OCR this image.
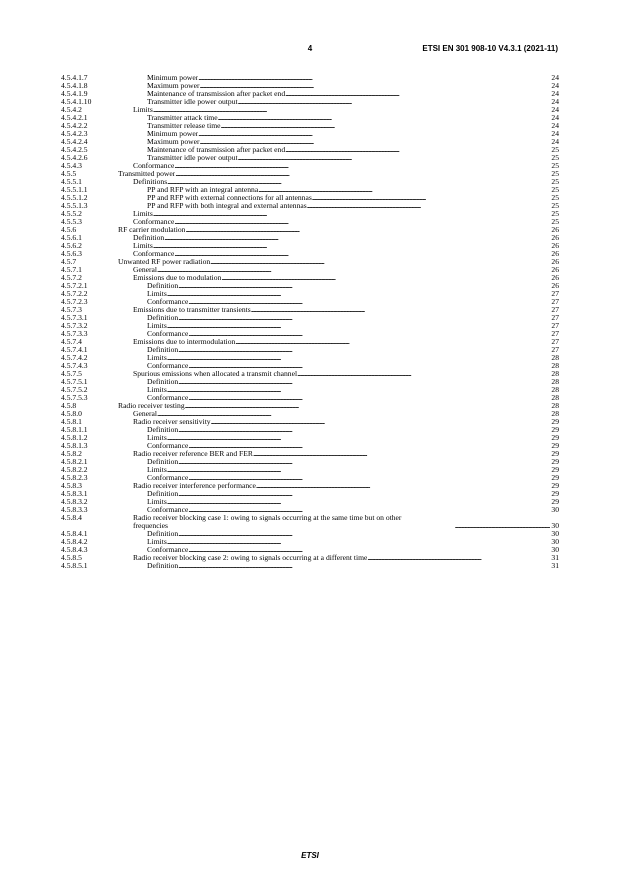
4	ETSI EN 301 908-10 V4.3.1 (2021-11)
4.5.4.1.7	Minimum power . . .	24
4.5.4.1.8	Maximum power . . .	24
4.5.4.1.9	Maintenance of transmission after packet end . . .	24
4.5.4.1.10	Transmitter idle power output . . .	24
4.5.4.2	Limits . . .	24
4.5.4.2.1	Transmitter attack time . . .	24
4.5.4.2.2	Transmitter release time . . .	24
4.5.4.2.3	Minimum power . . .	24
4.5.4.2.4	Maximum power . . .	24
4.5.4.2.5	Maintenance of transmission after packet end . . .	25
4.5.4.2.6	Transmitter idle power output . . .	25
4.5.4.3	Conformance . . .	25
4.5.5	Transmitted power . . .	25
4.5.5.1	Definitions . . .	25
4.5.5.1.1	PP and RFP with an integral antenna . . .	25
4.5.5.1.2	PP and RFP with external connections for all antennas . . .	25
4.5.5.1.3	PP and RFP with both integral and external antennas . . .	25
4.5.5.2	Limits . . .	25
4.5.5.3	Conformance . . .	25
4.5.6	RF carrier modulation . . .	26
4.5.6.1	Definition . . .	26
4.5.6.2	Limits . . .	26
4.5.6.3	Conformance . . .	26
4.5.7	Unwanted RF power radiation . . .	26
4.5.7.1	General . . .	26
4.5.7.2	Emissions due to modulation . . .	26
4.5.7.2.1	Definition . . .	26
4.5.7.2.2	Limits . . .	27
4.5.7.2.3	Conformance . . .	27
4.5.7.3	Emissions due to transmitter transients . . .	27
4.5.7.3.1	Definition . . .	27
4.5.7.3.2	Limits . . .	27
4.5.7.3.3	Conformance . . .	27
4.5.7.4	Emissions due to intermodulation . . .	27
4.5.7.4.1	Definition . . .	27
4.5.7.4.2	Limits . . .	28
4.5.7.4.3	Conformance . . .	28
4.5.7.5	Spurious emissions when allocated a transmit channel . . .	28
4.5.7.5.1	Definition . . .	28
4.5.7.5.2	Limits . . .	28
4.5.7.5.3	Conformance . . .	28
4.5.8	Radio receiver testing . . .	28
4.5.8.0	General . . .	28
4.5.8.1	Radio receiver sensitivity . . .	29
4.5.8.1.1	Definition . . .	29
4.5.8.1.2	Limits . . .	29
4.5.8.1.3	Conformance . . .	29
4.5.8.2	Radio receiver reference BER and FER . . .	29
4.5.8.2.1	Definition . . .	29
4.5.8.2.2	Limits . . .	29
4.5.8.2.3	Conformance . . .	29
4.5.8.3	Radio receiver interference performance . . .	29
4.5.8.3.1	Definition . . .	29
4.5.8.3.2	Limits . . .	29
4.5.8.3.3	Conformance . . .	30
4.5.8.4	Radio receiver blocking case 1: owing to signals occurring at the same time but on other
frequencies . . .	30
4.5.8.4.1	Definition . . .	30
4.5.8.4.2	Limits . . .	30
4.5.8.4.3	Conformance . . .	30
4.5.8.5	Radio receiver blocking case 2: owing to signals occurring at a different time . . .	31
4.5.8.5.1	Definition . . .	31
ETSI
